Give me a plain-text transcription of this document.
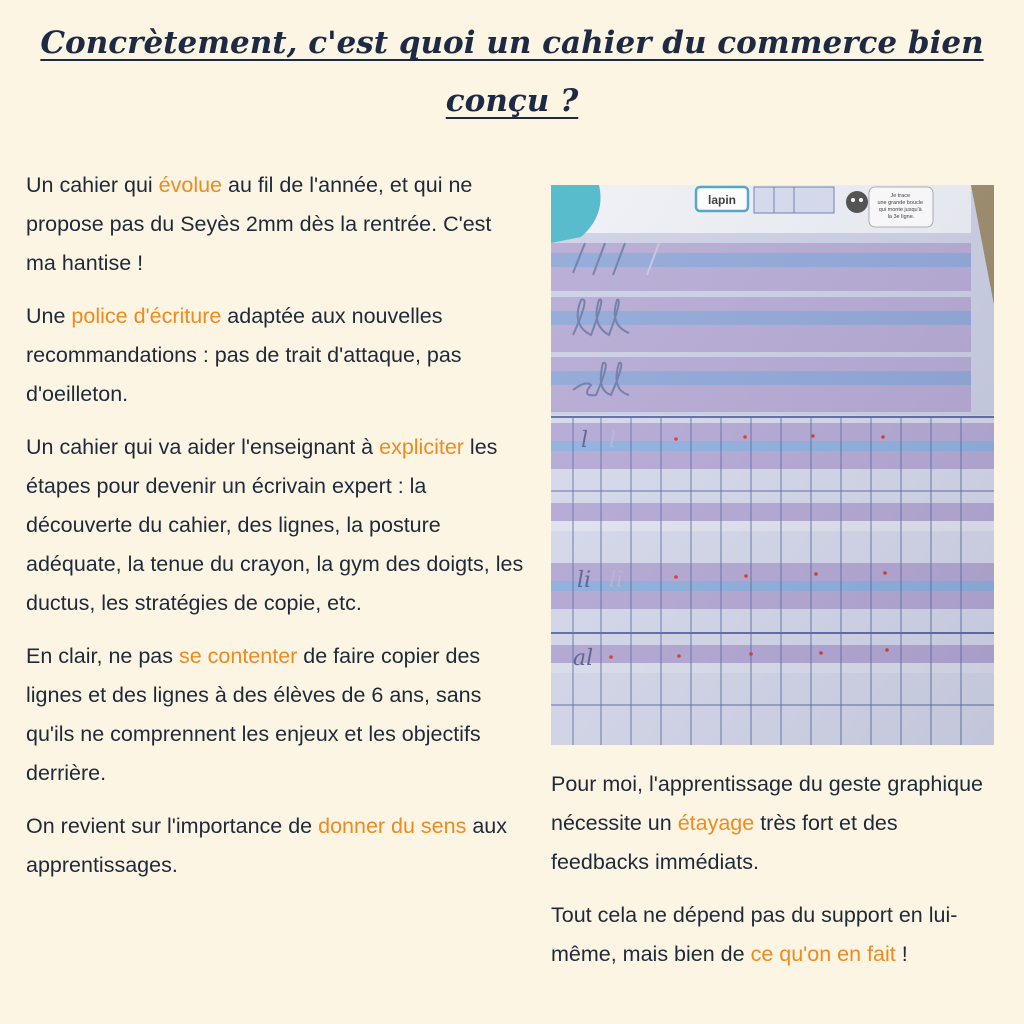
Concrètement, c'est quoi un cahier du commerce bien conçu ?

Un cahier qui évolue au fil de l'année, et qui ne propose pas du Seyès 2mm dès la rentrée. C'est ma hantise !

Une police d'écriture adaptée aux nouvelles recommandations : pas de trait d'attaque, pas d'oeilleton.

Un cahier qui va aider l'enseignant à expliciter les étapes pour devenir un écrivain expert : la découverte du cahier, des lignes, la posture adéquate, la tenue du crayon, la gym des doigts, les ductus, les stratégies de copie, etc.

En clair, ne pas se contenter de faire copier des lignes et des lignes à des élèves de 6 ans, sans qu'ils ne comprennent les enjeux et les objectifs derrière.

On revient sur l'importance de donner du sens aux apprentissages.

Pour moi, l'apprentissage du geste graphique nécessite un étayage très fort et des feedbacks immédiats.

Tout cela ne dépend pas du support en lui-même, mais bien de ce qu'on en fait !
